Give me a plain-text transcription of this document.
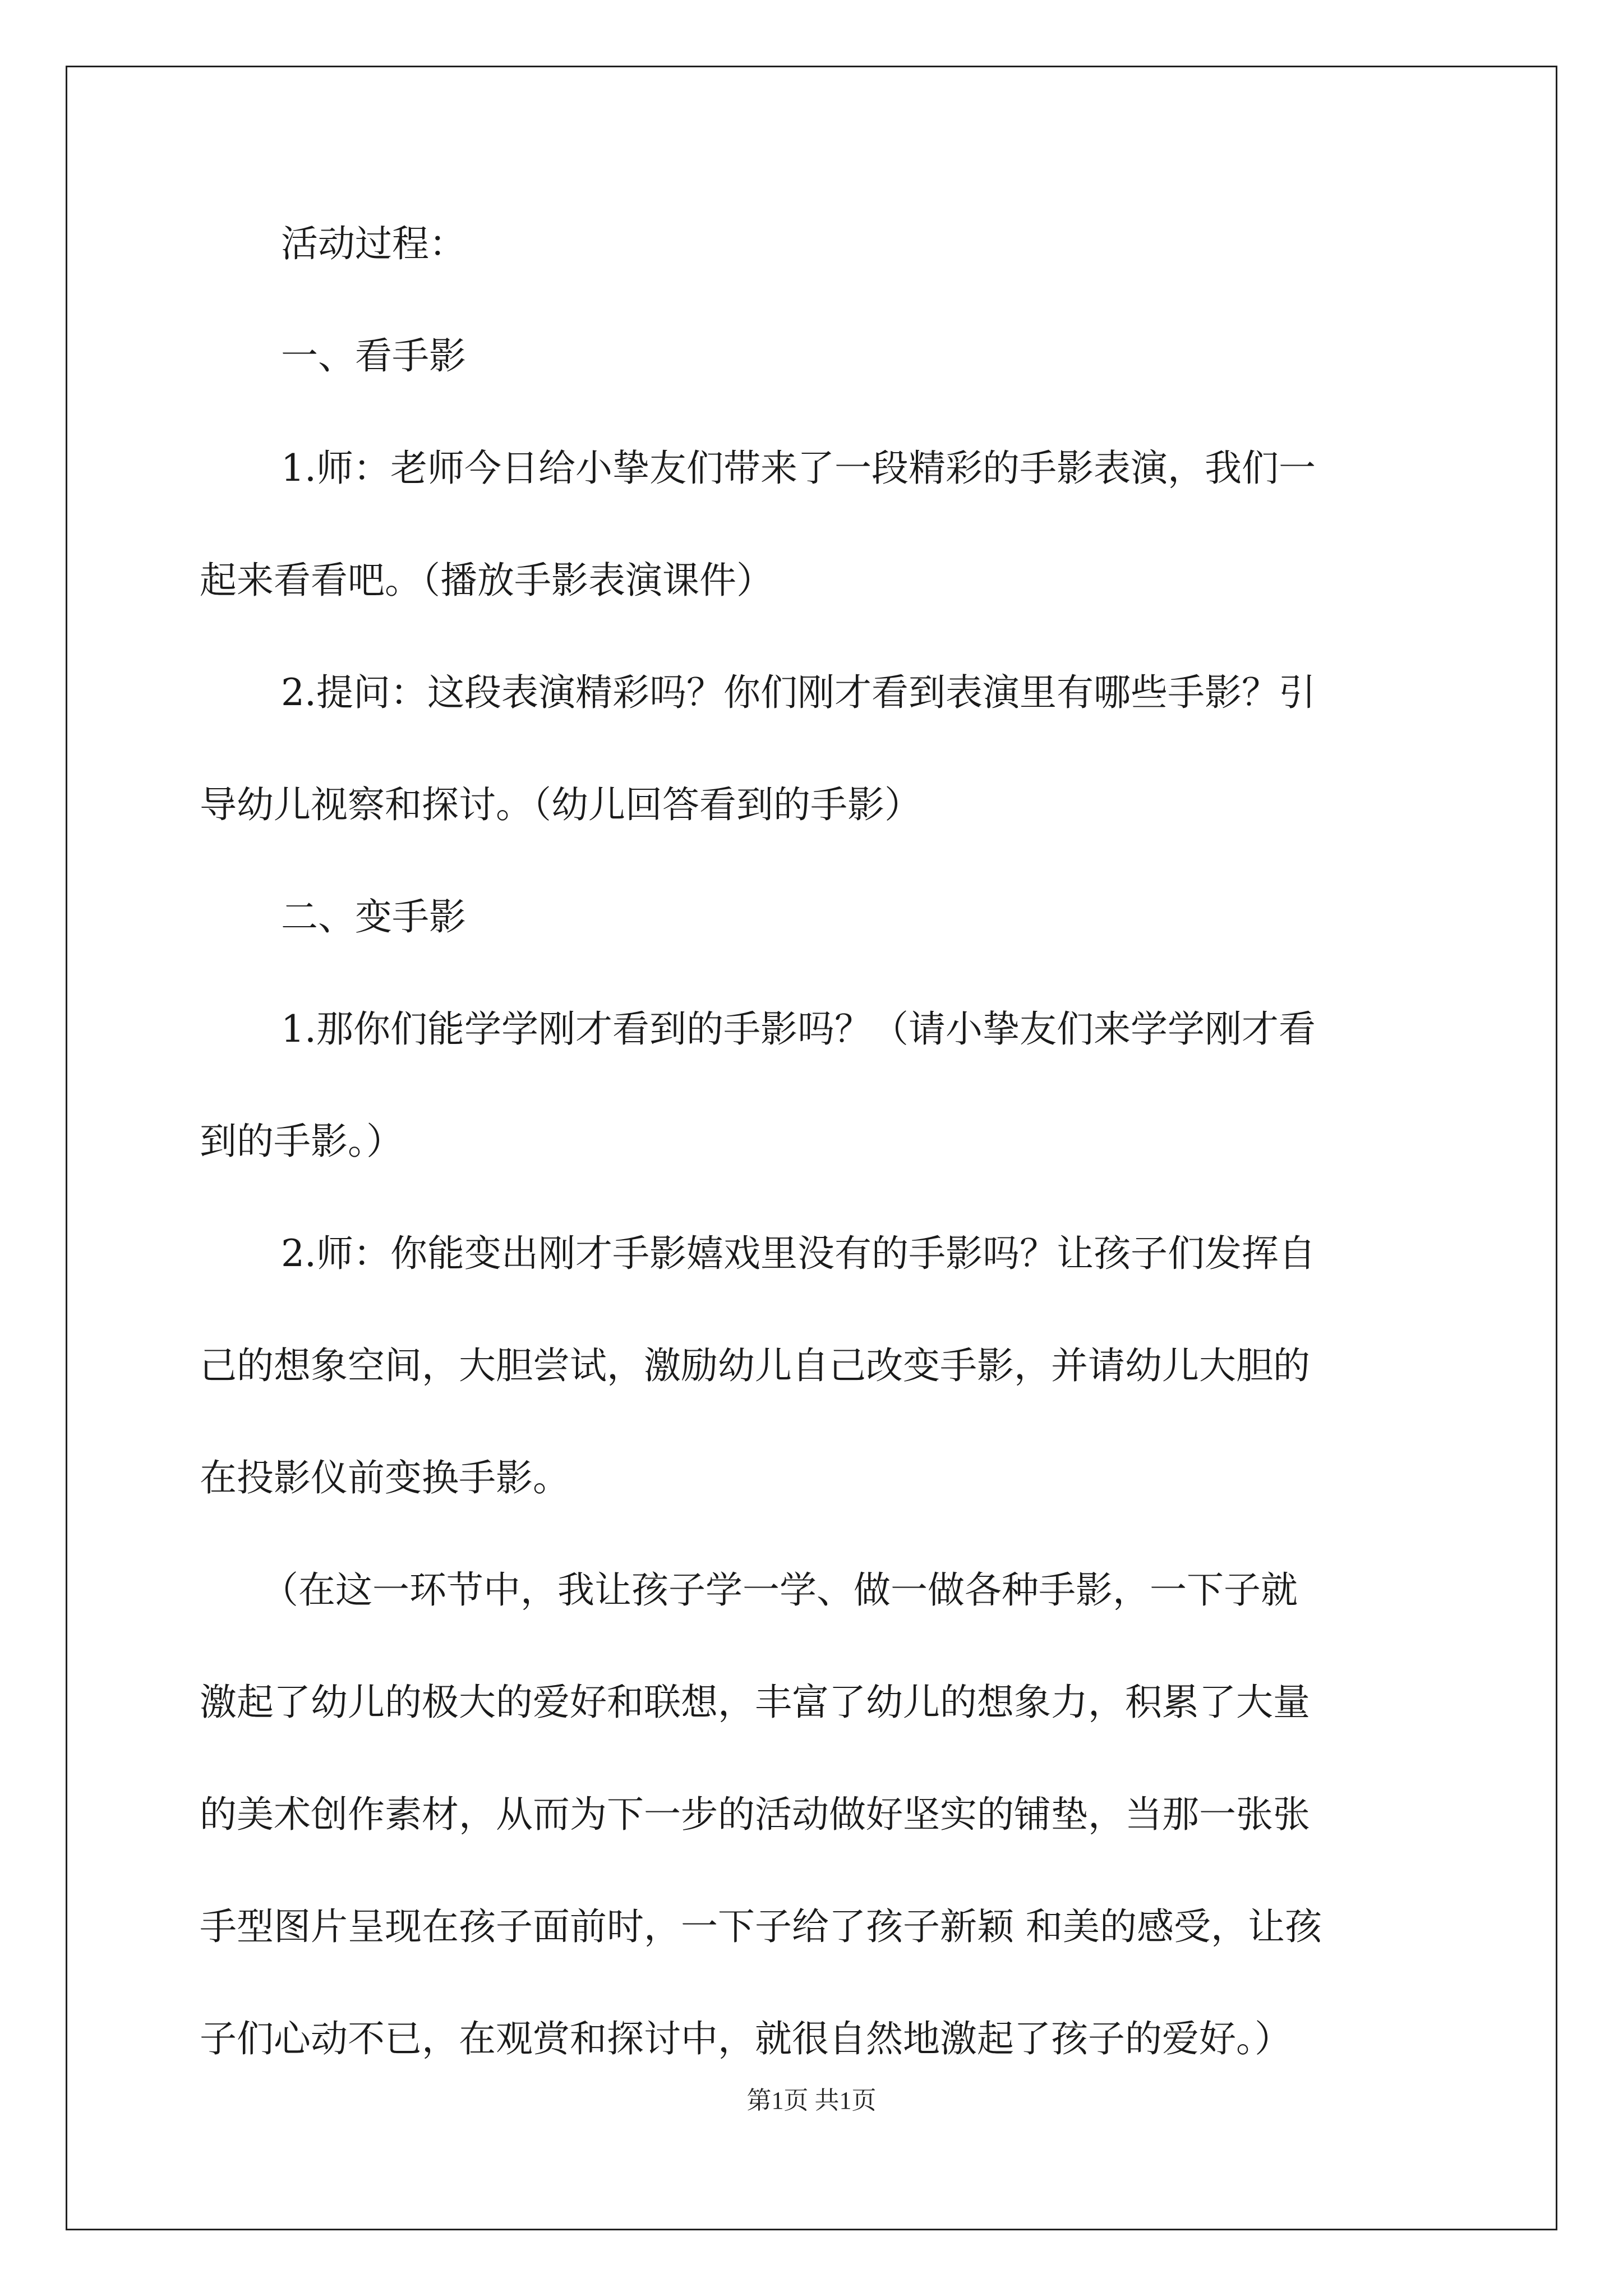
活动过程：
一、看手影
1.师：老师今日给小挚友们带来了一段精彩的手影表演，我们一
起来看看吧。（播放手影表演课件）
2.提问：这段表演精彩吗？你们刚才看到表演里有哪些手影？引
导幼儿视察和探讨。（幼儿回答看到的手影）
二、变手影
1.那你们能学学刚才看到的手影吗？（请小挚友们来学学刚才看
到的手影。）
2.师：你能变出刚才手影嬉戏里没有的手影吗？让孩子们发挥自
己的想象空间，大胆尝试，激励幼儿自己改变手影，并请幼儿大胆的
在投影仪前变换手影。
（在这一环节中，我让孩子学一学、做一做各种手影，一下子就
激起了幼儿的极大的爱好和联想，丰富了幼儿的想象力，积累了大量
的美术创作素材，从而为下一步的活动做好坚实的铺垫，当那一张张
手型图片呈现在孩子面前时，一下子给了孩子新颖 和美的感受，让孩
子们心动不已，在观赏和探讨中，就很自然地激起了孩子的爱好。）
第1页 共1页
